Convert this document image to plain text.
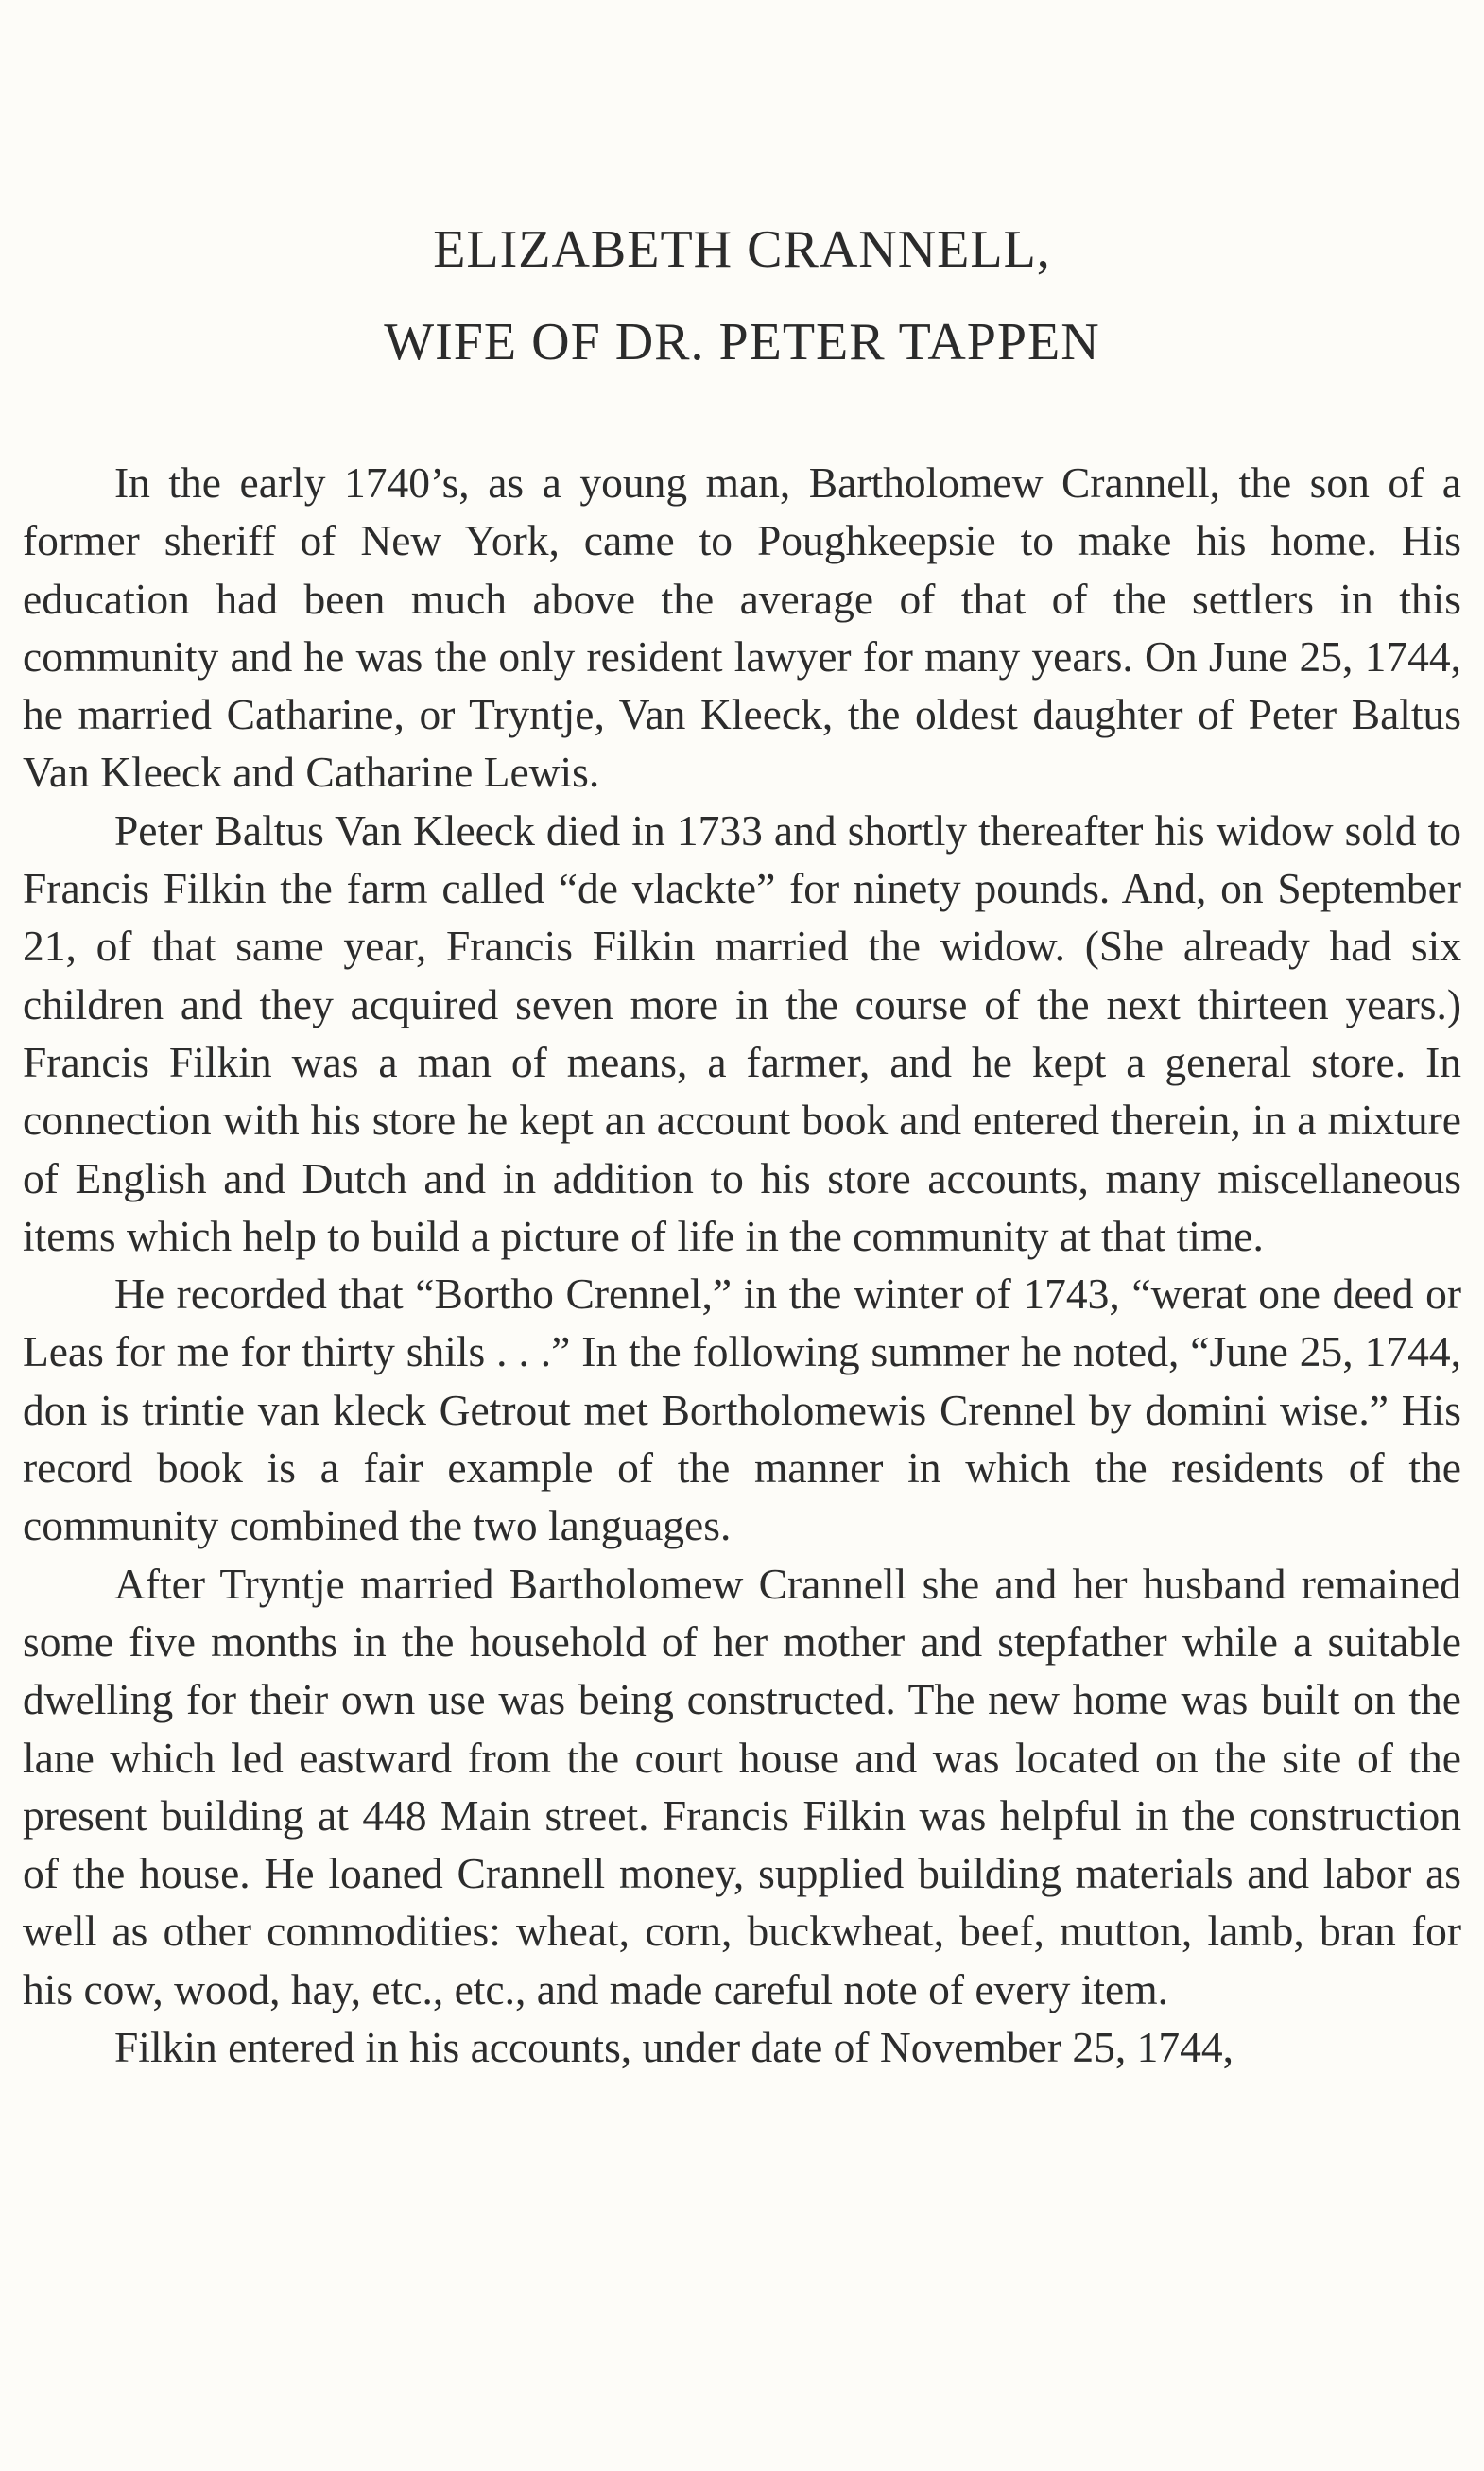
ELIZABETH CRANNELL,
WIFE OF DR. PETER TAPPEN

In the early 1740’s, as a young man, Bartholomew Crannell, the son of a former sheriff of New York, came to Poughkeepsie to make his home. His education had been much above the average of that of the settlers in this community and he was the only resident lawyer for many years. On June 25, 1744, he married Catharine, or Tryntje, Van Kleeck, the oldest daughter of Peter Baltus Van Kleeck and Catharine Lewis.

Peter Baltus Van Kleeck died in 1733 and shortly thereafter his widow sold to Francis Filkin the farm called “de vlackte” for ninety pounds. And, on September 21, of that same year, Francis Filkin married the widow. (She already had six children and they acquired seven more in the course of the next thirteen years.) Francis Filkin was a man of means, a farmer, and he kept a general store. In connection with his store he kept an account book and entered therein, in a mixture of English and Dutch and in addition to his store accounts, many miscellaneous items which help to build a picture of life in the community at that time.

He recorded that “Bortho Crennel,” in the winter of 1743, “werat one deed or Leas for me for thirty shils . . .” In the following summer he noted, “June 25, 1744, don is trintie van kleck Getrout met Bortholomewis Crennel by domini wise.” His record book is a fair example of the manner in which the residents of the community combined the two languages.

After Tryntje married Bartholomew Crannell she and her husband remained some five months in the household of her mother and stepfather while a suitable dwelling for their own use was being constructed. The new home was built on the lane which led eastward from the court house and was located on the site of the present building at 448 Main street. Francis Filkin was helpful in the construction of the house. He loaned Crannell money, supplied building materials and labor as well as other commodities: wheat, corn, buckwheat, beef, mutton, lamb, bran for his cow, wood, hay, etc., etc., and made careful note of every item.

Filkin entered in his accounts, under date of November 25, 1744,
